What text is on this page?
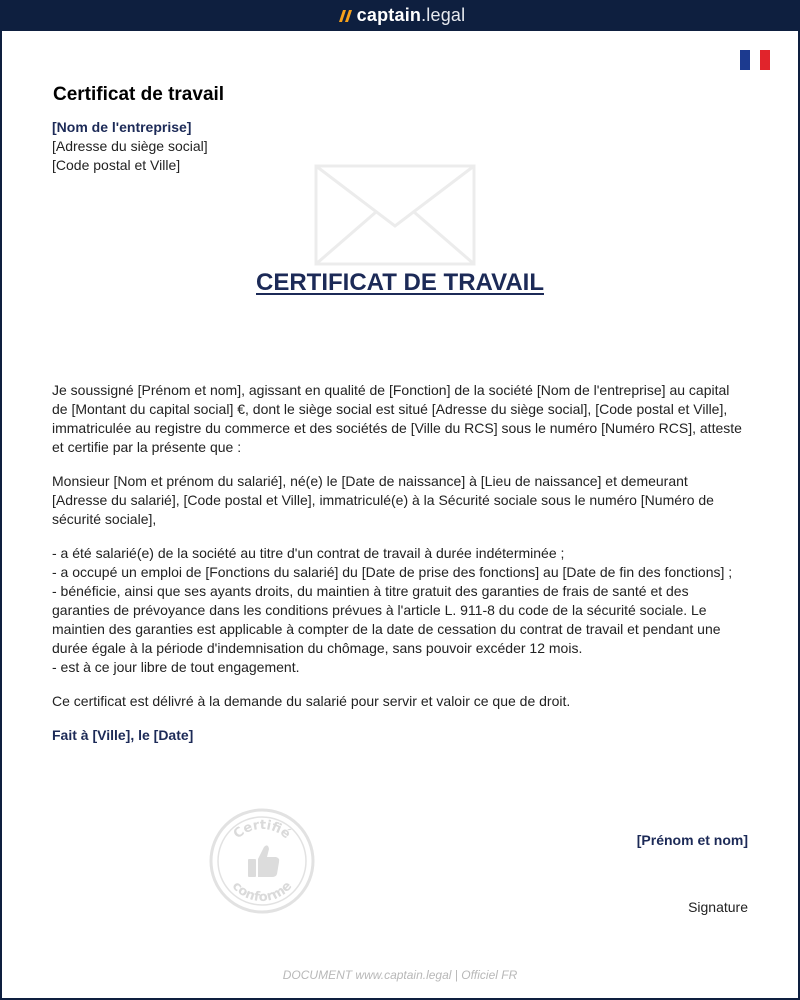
captain .legal
Certificat de travail
[Nom de l'entreprise]
[Adresse du siège social]
[Code postal et Ville]
CERTIFICAT DE TRAVAIL

Je soussigné [Prénom et nom], agissant en qualité de [Fonction] de la société [Nom de l'entreprise] au capital de [Montant du capital social] €, dont le siège social est situé [Adresse du siège social], [Code postal et Ville], immatriculée au registre du commerce et des sociétés de [Ville du RCS] sous le numéro [Numéro RCS], atteste et certifie par la présente que :

Monsieur [Nom et prénom du salarié], né(e) le [Date de naissance] à [Lieu de naissance] et demeurant [Adresse du salarié], [Code postal et Ville], immatriculé(e) à la Sécurité sociale sous le numéro [Numéro de sécurité sociale],

- a été salarié(e) de la société au titre d'un contrat de travail à durée indéterminée ;
- a occupé un emploi de [Fonctions du salarié] du [Date de prise des fonctions] au [Date de fin des fonctions] ;
- bénéficie, ainsi que ses ayants droits, du maintien à titre gratuit des garanties de frais de santé et des garanties de prévoyance dans les conditions prévues à l'article L. 911-8 du code de la sécurité sociale. Le maintien des garanties est applicable à compter de la date de cessation du contrat de travail et pendant une durée égale à la période d'indemnisation du chômage, sans pouvoir excéder 12 mois.
- est à ce jour libre de tout engagement.

Ce certificat est délivré à la demande du salarié pour servir et valoir ce que de droit.

Fait à [Ville], le [Date]

Certifié
conforme
[Prénom et nom]
Signature
DOCUMENT www.captain.legal | Officiel FR
